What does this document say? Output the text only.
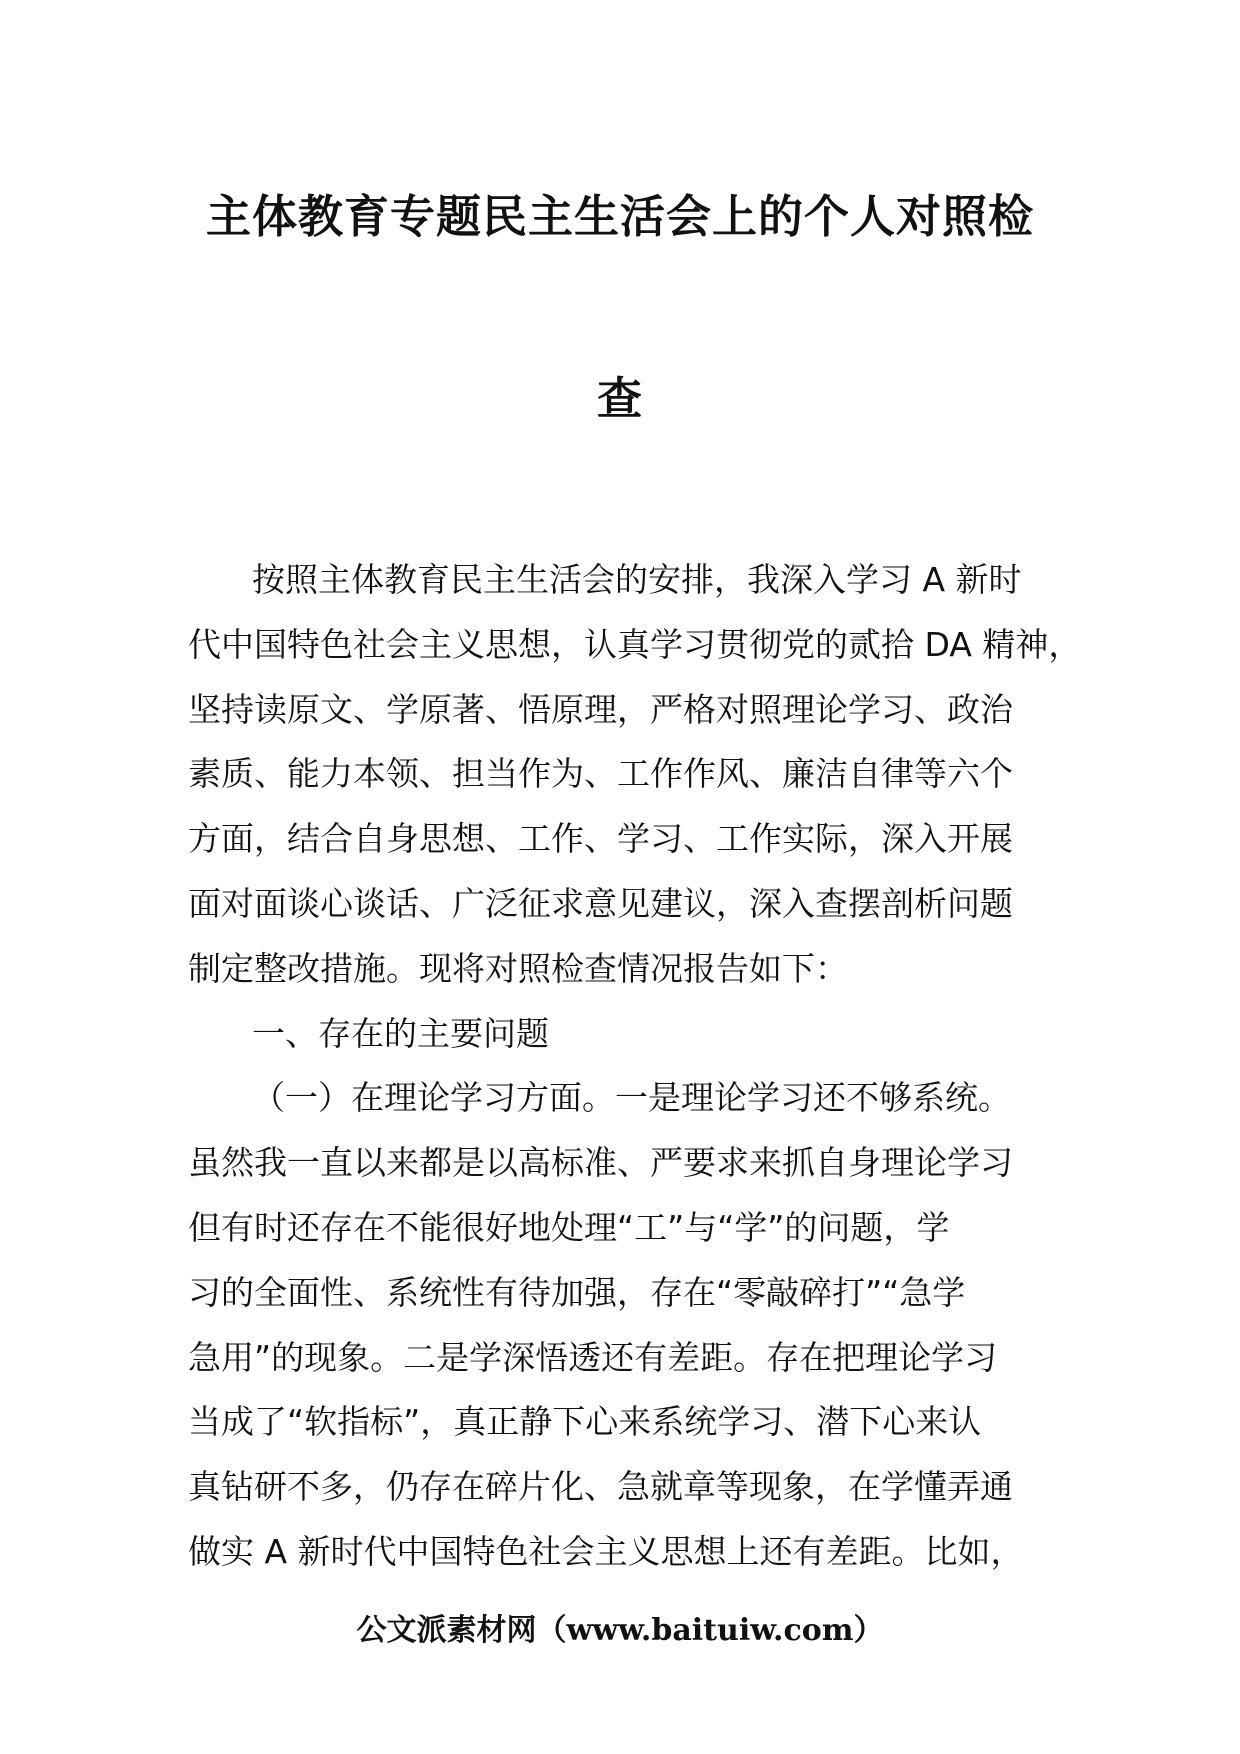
主体教育专题民主生活会上的个人对照检
查
按照主体教育民主生活会的安排，我深入学习 A 新时
代中国特色社会主义思想，认真学习贯彻党的贰拾 DA 精神，
坚持读原文、学原著、悟原理，严格对照理论学习、政治
素质、能力本领、担当作为、工作作风、廉洁自律等六个
方面，结合自身思想、工作、学习、工作实际，深入开展
面对面谈心谈话、广泛征求意见建议，深入查摆剖析问题
制定整改措施。现将对照检查情况报告如下：
一、存在的主要问题
（一）在理论学习方面。一是理论学习还不够系统。
虽然我一直以来都是以高标准、严要求来抓自身理论学习
但有时还存在不能很好地处理“工”与“学”的问题，学
习的全面性、系统性有待加强，存在“零敲碎打”“急学
急用”的现象。二是学深悟透还有差距。存在把理论学习
当成了“软指标”，真正静下心来系统学习、潜下心来认
真钻研不多，仍存在碎片化、急就章等现象，在学懂弄通
做实 A 新时代中国特色社会主义思想上还有差距。比如，
公文派素材网（www.baituiw.com）
